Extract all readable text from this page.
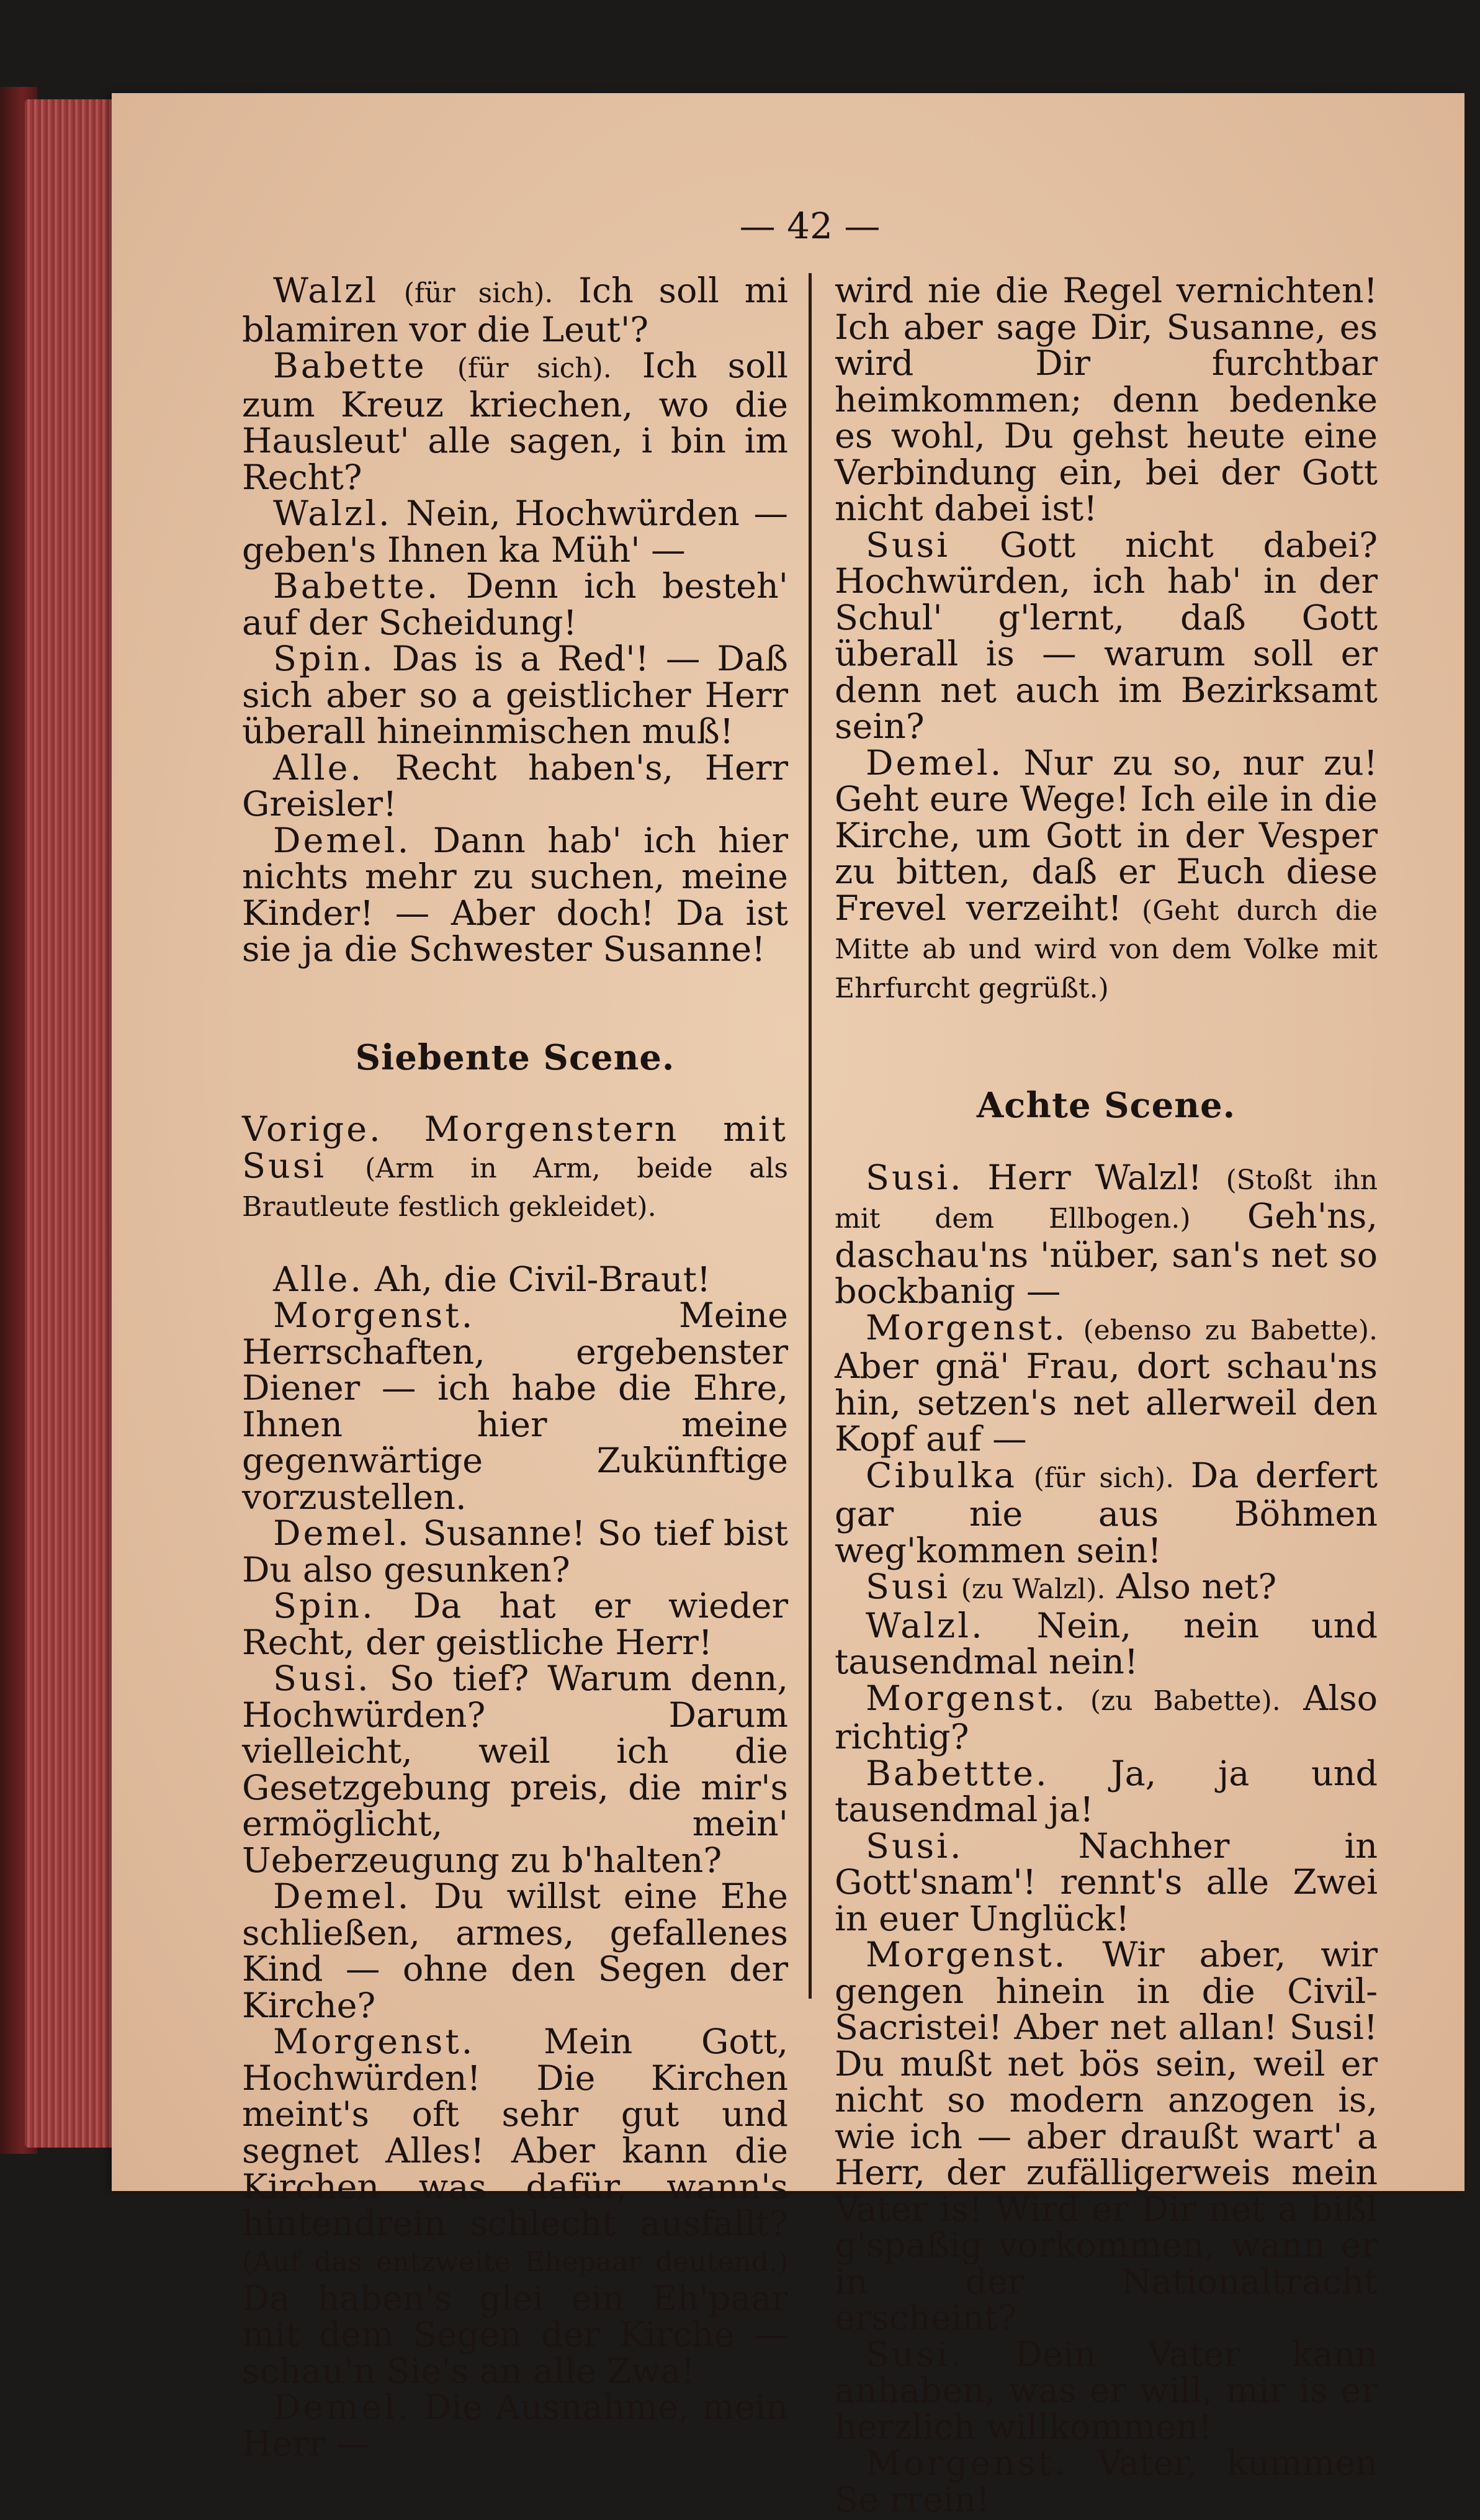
— 42 —

Walzl (für sich). Ich soll mi blamiren vor die Leut'?

Babette (für sich). Ich soll zum Kreuz kriechen, wo die Hausleut' alle sagen, i bin im Recht?

Walzl. Nein, Hochwürden — geben's Ihnen ka Müh' —

Babette. Denn ich besteh' auf der Scheidung!

Spin. Das is a Red'! — Daß sich aber so a geistlicher Herr überall hineinmischen muß!

Alle. Recht haben's, Herr Greisler!

Demel. Dann hab' ich hier nichts mehr zu suchen, meine Kinder! — Aber doch! Da ist sie ja die Schwester Susanne!

Siebente Scene.

Vorige. Morgenstern mit Susi (Arm in Arm, beide als Brautleute festlich gekleidet).

Alle. Ah, die Civil-Braut!

Morgenst.	Meine Herrschaften, ergebenster Diener — ich habe die Ehre, Ihnen hier meine gegenwärtige Zukünftige vorzustellen.

Demel. Susanne! So tief bist Du also gesunken?

Spin. Da hat er wieder Recht, der geistliche Herr!

Susi. So tief? Warum denn, Hochwürden? Darum vielleicht, weil ich die Gesetzgebung preis, die mir's ermöglicht, mein' Ueberzeugung zu b'halten?

Demel. Du willst eine Ehe schließen, armes, gefallenes Kind — ohne den Segen der Kirche?

Morgenst. Mein Gott, Hochwürden! Die Kirchen meint's oft sehr gut und segnet Alles! Aber kann die Kirchen was dafür, wann's hintendrein schlecht ausfallt? (Auf das entzweite Ehepaar deutend.) Da haben's glei ein Eh'paar mit dem Segen der Kirche — schau'n Sie's an alle Zwa!

Demel. Die Ausnahme, mein Herr —

wird nie die Regel vernichten! Ich aber sage Dir, Susanne, es wird Dir furchtbar heimkommen; denn bedenke es wohl, Du gehst heute eine Verbindung ein, bei der Gott nicht dabei ist!

Susi Gott nicht dabei? Hochwürden, ich hab' in der Schul' g'lernt, daß Gott überall is — warum soll er denn net auch im Bezirksamt sein?

Demel. Nur zu so, nur zu! Geht eure Wege! Ich eile in die Kirche, um Gott in der Vesper zu bitten, daß er Euch diese Frevel verzeiht! (Geht durch die Mitte ab und wird von dem Volke mit Ehrfurcht gegrüßt.)

Achte Scene.

Susi. Herr Walzl! (Stoßt ihn mit dem Ellbogen.) Geh'ns, daschau'ns 'nüber, san's net so bockbanig —

Morgenst. (ebenso zu Babette). Aber gnä' Frau, dort schau'ns hin, setzen's net allerweil den Kopf auf —

Cibulka (für sich). Da derfert gar nie aus Böhmen weg'kommen sein!

Susi (zu Walzl). Also net?

Walzl. Nein, nein und tausendmal nein!

Morgenst. (zu Babette). Also richtig?

Babettte. Ja, ja und tausendmal ja!

Susi.	Nachher in Gott'snam'! rennt's alle Zwei in euer Unglück!

Morgenst. Wir aber, wir gengen hinein in die Civil-Sacristei! Aber net allan! Susi! Du mußt net bös sein, weil er nicht so modern anzogen is, wie ich — aber draußt wart' a Herr, der zufälligerweis mein Vater is! Wird er Dir net a bißl g'spaßig vorkommen, wann er in der Nationaltracht erscheint?

Susi. Dein Vater kann anhaben, was er will, mir is er herzlich willkommen!

Morgenst. Vater, kummen Se rrein!
